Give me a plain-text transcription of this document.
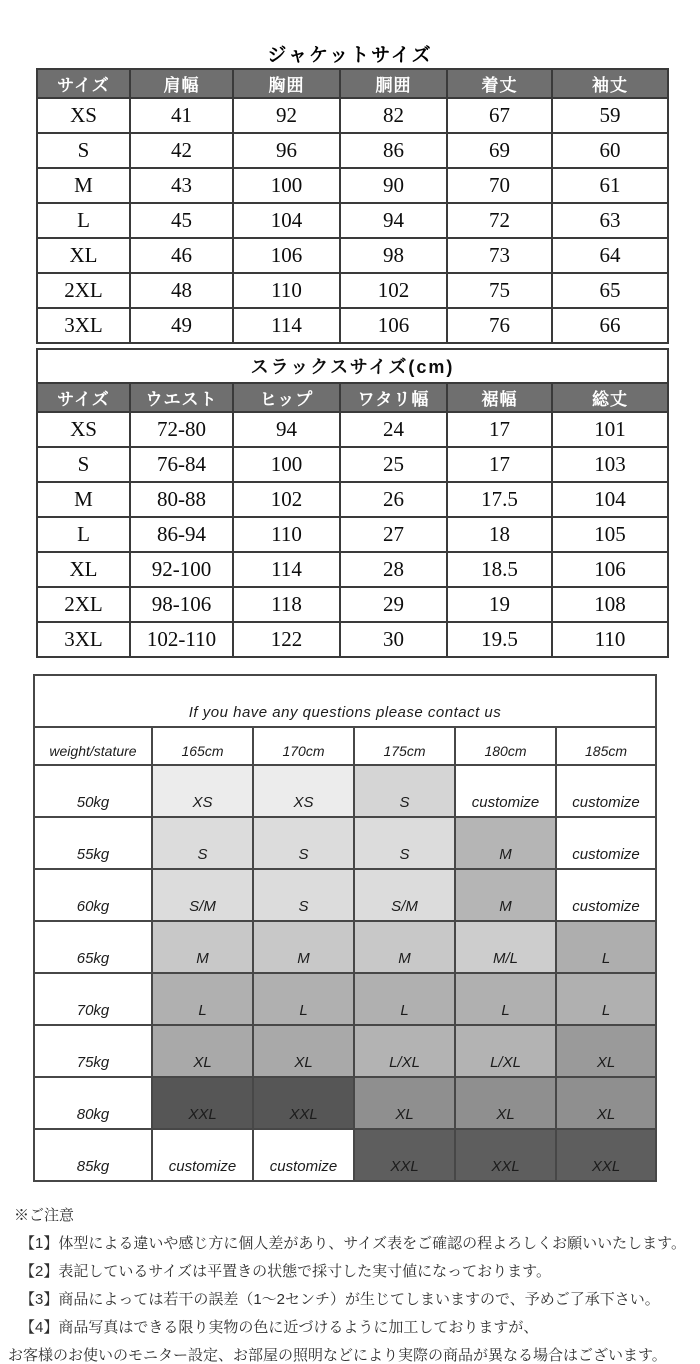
ジャケットサイズ
サイズ	肩幅	胸囲	胴囲	着丈	袖丈
XS	41	92	82	67	59
S	42	96	86	69	60
M	43	100	90	70	61
L	45	104	94	72	63
XL	46	106	98	73	64
2XL	48	110	102	75	65
3XL	49	114	106	76	66
スラックスサイズ(cm)					
サイズ	ウエスト	ヒップ	ワタリ幅	裾幅	総丈
XS	72-80	94	24	17	101
S	76-84	100	25	17	103
M	80-88	102	26	17.5	104
L	86-94	110	27	18	105
XL	92-100	114	28	18.5	106
2XL	98-106	118	29	19	108
3XL	102-110	122	30	19.5	110
If you have any questions please contact us					
weight/stature	165cm	170cm	175cm	180cm	185cm
50kg	XS	XS	S	customize	customize
55kg	S	S	S	M	customize
60kg	S/M	S	S/M	M	customize
65kg	M	M	M	M/L	L
70kg	L	L	L	L	L
75kg	XL	XL	L/XL	L/XL	XL
80kg	XXL	XXL	XL	XL	XL
85kg	customize	customize	XXL	XXL	XXL
※ご注意
【1】体型による違いや感じ方に個人差があり、サイズ表をご確認の程よろしくお願いいたします。
【2】表記しているサイズは平置きの状態で採寸した実寸値になっております。
【3】商品によっては若干の誤差（1～2センチ）が生じてしまいますので、予めご了承下さい。
【4】商品写真はできる限り実物の色に近づけるように加工しておりますが、
お客様のお使いのモニター設定、お部屋の照明などにより実際の商品が異なる場合はございます。
